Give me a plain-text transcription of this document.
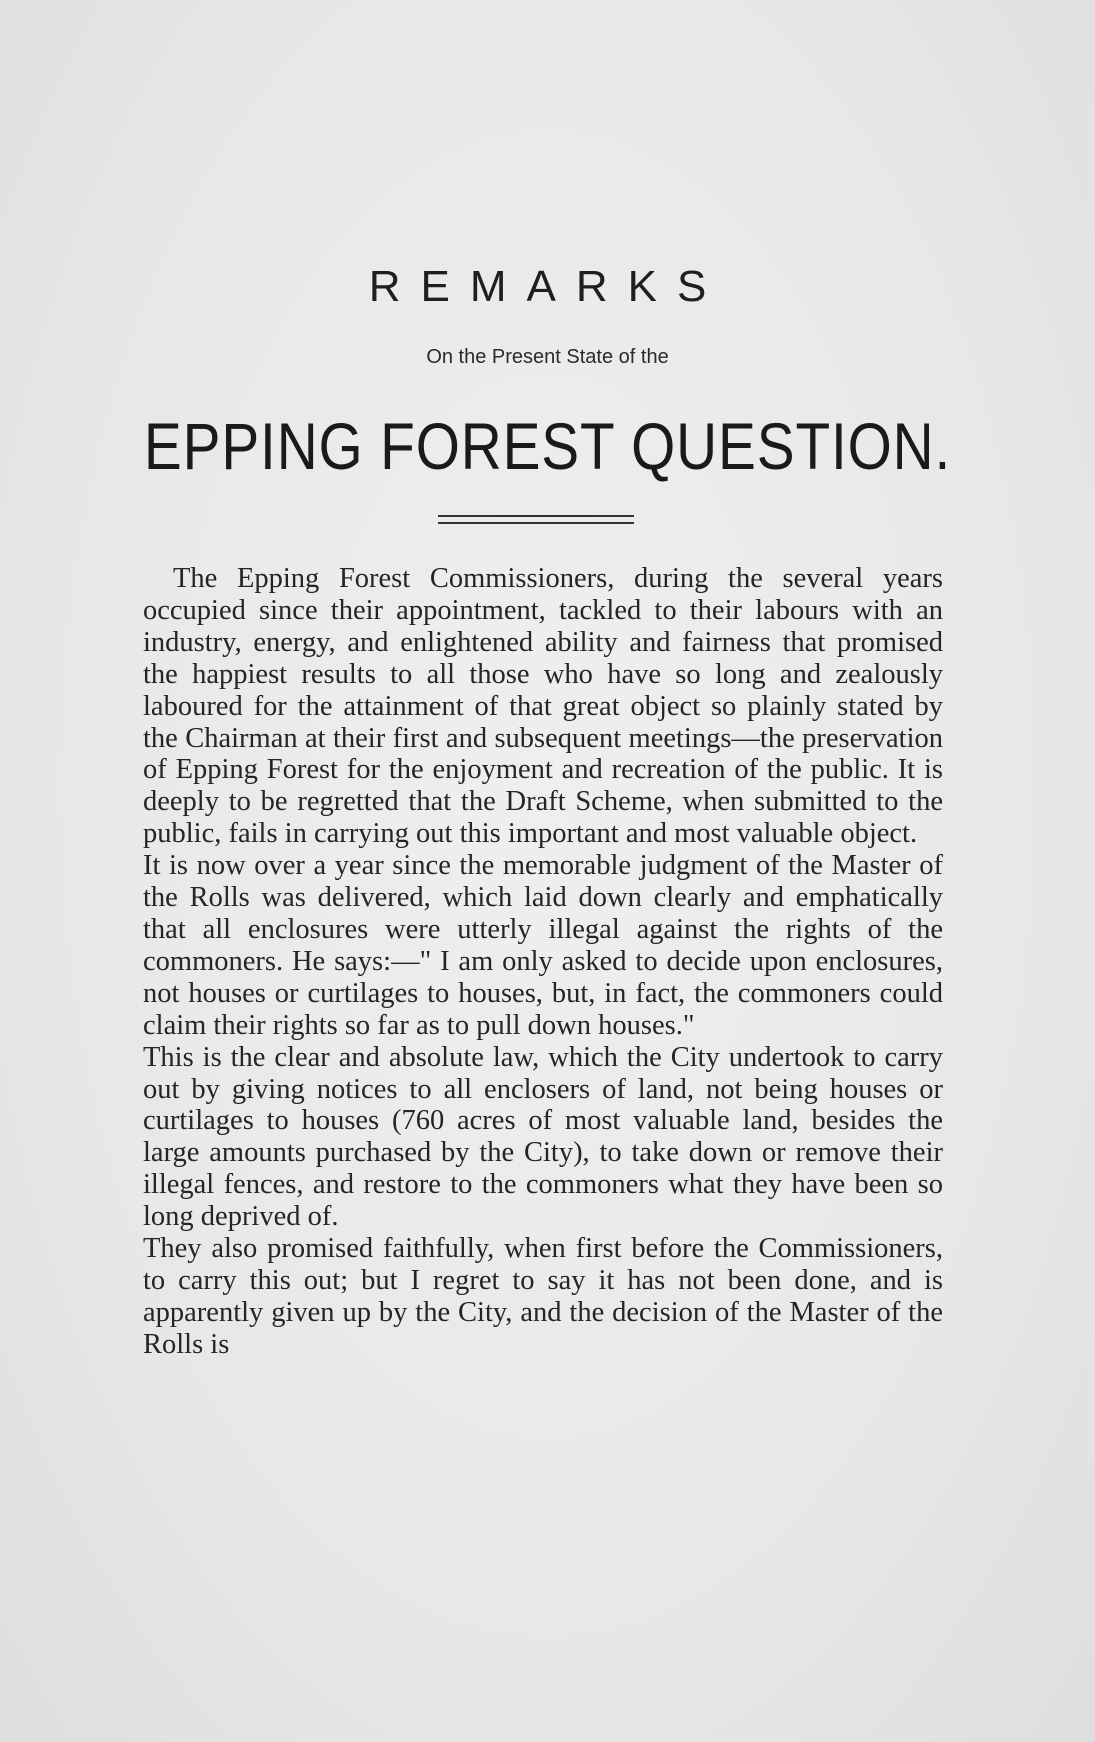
REMARKS
On the Present State of the
EPPING FOREST QUESTION.

The Epping Forest Commissioners, during the several years occupied since their appointment, tackled to their labours with an industry, energy, and enlightened ability and fairness that promised the happiest results to all those who have so long and zealously laboured for the attainment of that great object so plainly stated by the Chairman at their first and subsequent meetings—the preservation of Epping Forest for the enjoyment and recreation of the public. It is deeply to be regretted that the Draft Scheme, when submitted to the public, fails in carrying out this important and most valuable object.

It is now over a year since the memorable judgment of the Master of the Rolls was delivered, which laid down clearly and emphatically that all enclosures were utterly illegal against the rights of the commoners. He says:—" I am only asked to decide upon enclosures, not houses or curtilages to houses, but, in fact, the commoners could claim their rights so far as to pull down houses."

This is the clear and absolute law, which the City undertook to carry out by giving notices to all enclosers of land, not being houses or curtilages to houses (760 acres of most valuable land, besides the large amounts purchased by the City), to take down or remove their illegal fences, and restore to the commoners what they have been so long deprived of.

They also promised faithfully, when first before the Commissioners, to carry this out; but I regret to say it has not been done, and is apparently given up by the City, and the decision of the Master of the Rolls is
